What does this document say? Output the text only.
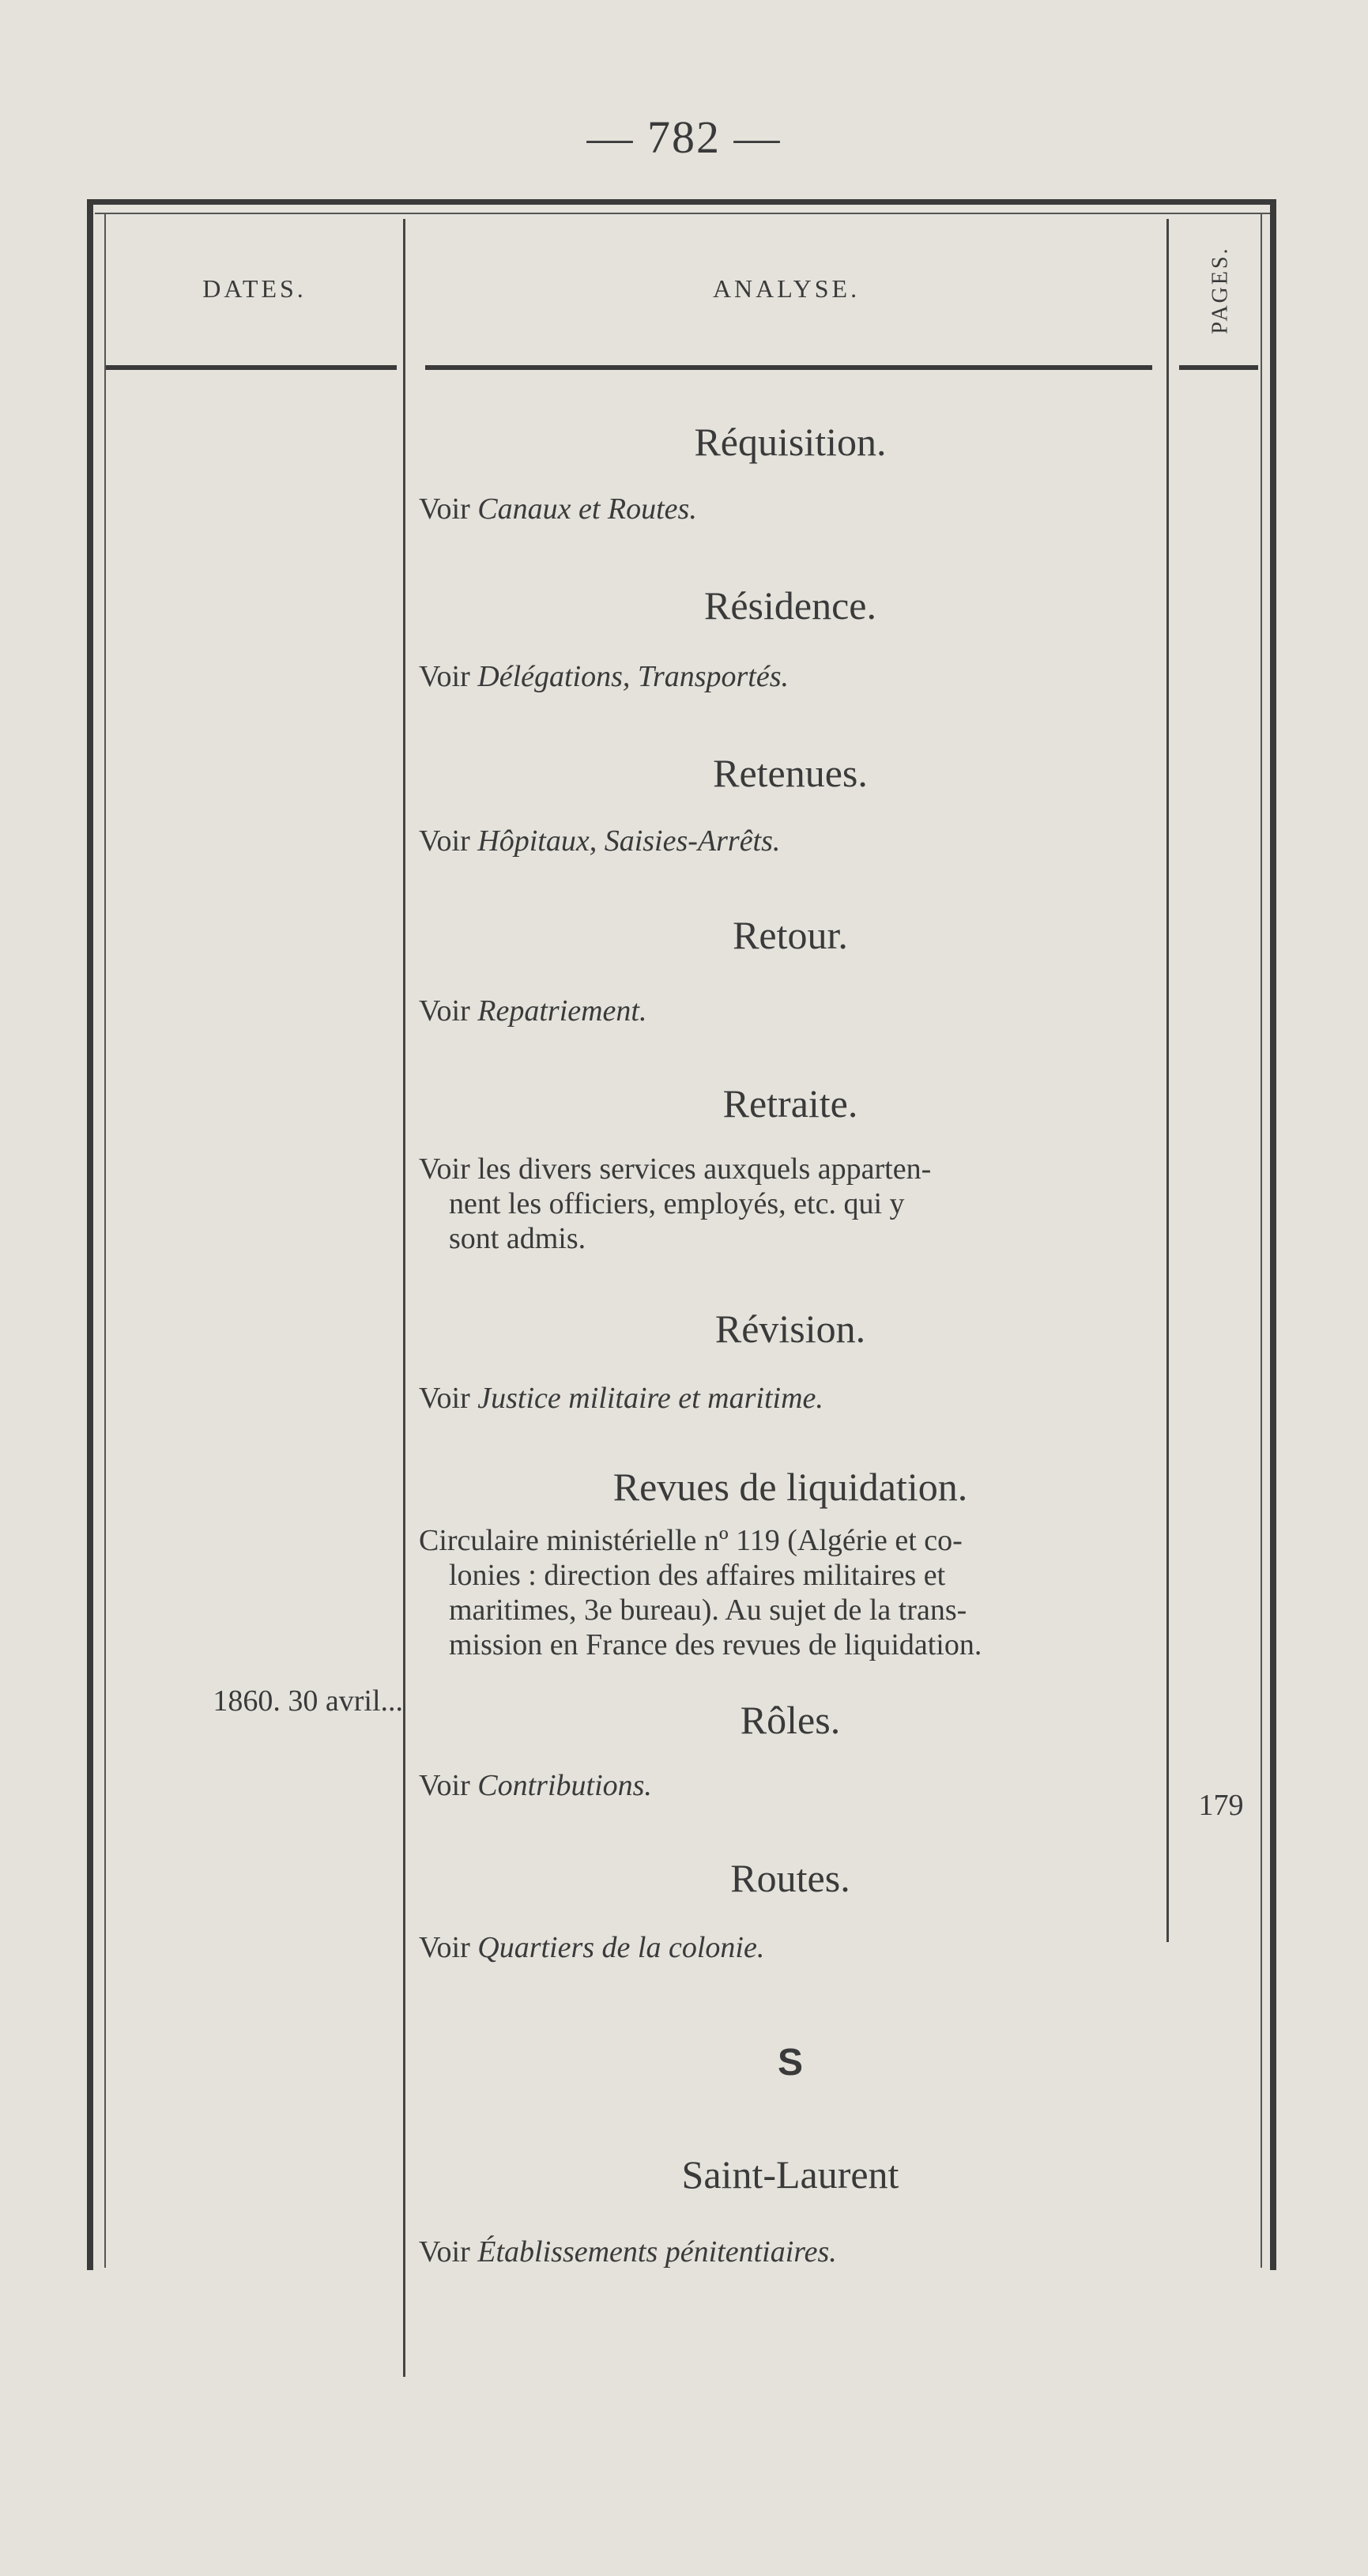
— 782 —
DATES.	ANALYSE.	PAGES.
1860. 30 avril...
179
Réquisition.
Voir Canaux et Routes.
Résidence.
Voir Délégations, Transportés.
Retenues.
Voir Hôpitaux, Saisies-Arrêts.
Retour.
Voir Repatriement.
Retraite.
Voir les divers services auxquels apparten-
nent les officiers, employés, etc. qui y
sont admis.
Révision.
Voir Justice militaire et maritime.
Revues de liquidation.
Circulaire ministérielle nº 119 (Algérie et co-
lonies : direction des affaires militaires et
maritimes, 3e bureau). Au sujet de la trans-
mission en France des revues de liquidation.
Rôles.
Voir Contributions.
Routes.
Voir Quartiers de la colonie.
S
Saint-Laurent
Voir Établissements pénitentiaires.
